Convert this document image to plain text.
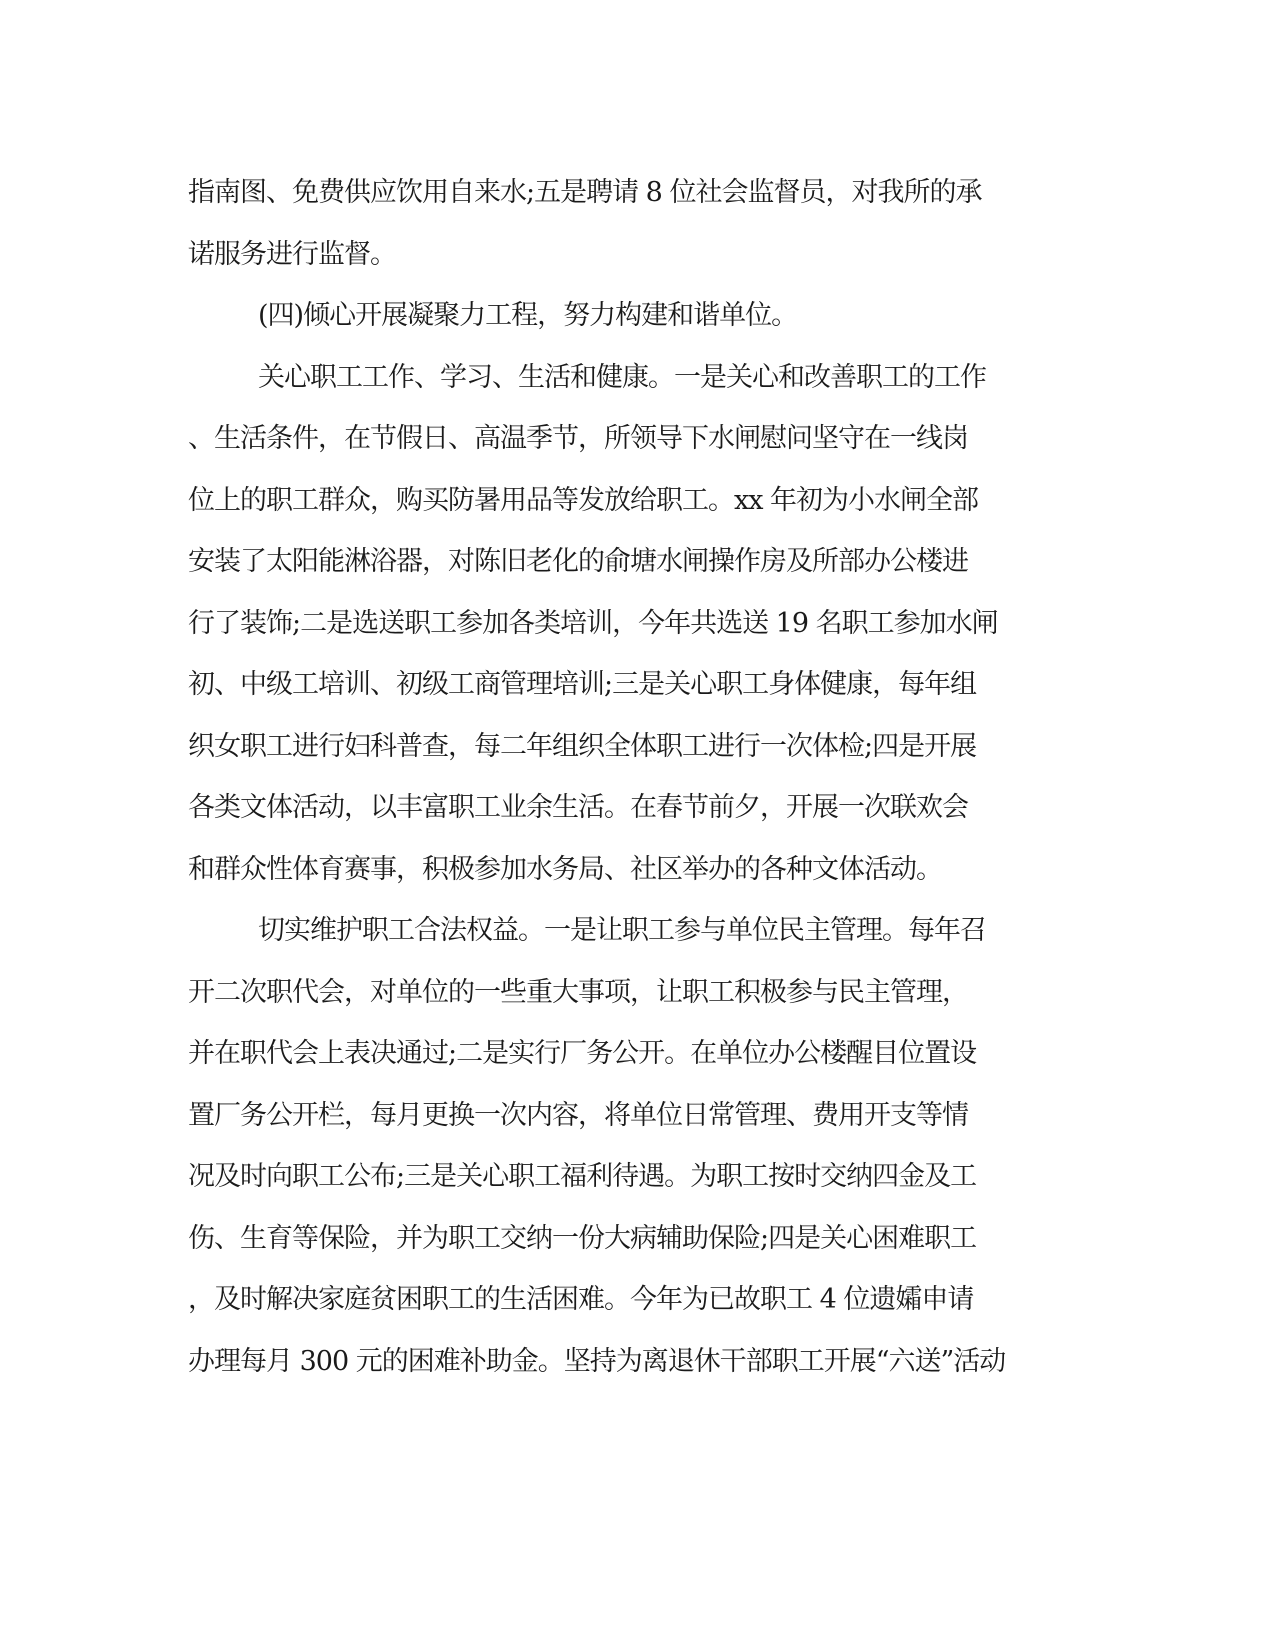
指南图、免费供应饮用自来水;五是聘请 8 位社会监督员，对我所的承
诺服务进行监督。
(四)倾心开展凝聚力工程，努力构建和谐单位。
关心职工工作、学习、生活和健康。一是关心和改善职工的工作
、生活条件，在节假日、高温季节，所领导下水闸慰问坚守在一线岗
位上的职工群众，购买防暑用品等发放给职工。xx 年初为小水闸全部
安装了太阳能淋浴器，对陈旧老化的俞塘水闸操作房及所部办公楼进
行了装饰;二是选送职工参加各类培训，今年共选送 19 名职工参加水闸
初、中级工培训、初级工商管理培训;三是关心职工身体健康，每年组
织女职工进行妇科普查，每二年组织全体职工进行一次体检;四是开展
各类文体活动，以丰富职工业余生活。在春节前夕，开展一次联欢会
和群众性体育赛事，积极参加水务局、社区举办的各种文体活动。
切实维护职工合法权益。一是让职工参与单位民主管理。每年召
开二次职代会，对单位的一些重大事项，让职工积极参与民主管理，
并在职代会上表决通过;二是实行厂务公开。在单位办公楼醒目位置设
置厂务公开栏，每月更换一次内容，将单位日常管理、费用开支等情
况及时向职工公布;三是关心职工福利待遇。为职工按时交纳四金及工
伤、生育等保险，并为职工交纳一份大病辅助保险;四是关心困难职工
，及时解决家庭贫困职工的生活困难。今年为已故职工 4 位遗孀申请
办理每月 300 元的困难补助金。坚持为离退休干部职工开展“六送”活动
